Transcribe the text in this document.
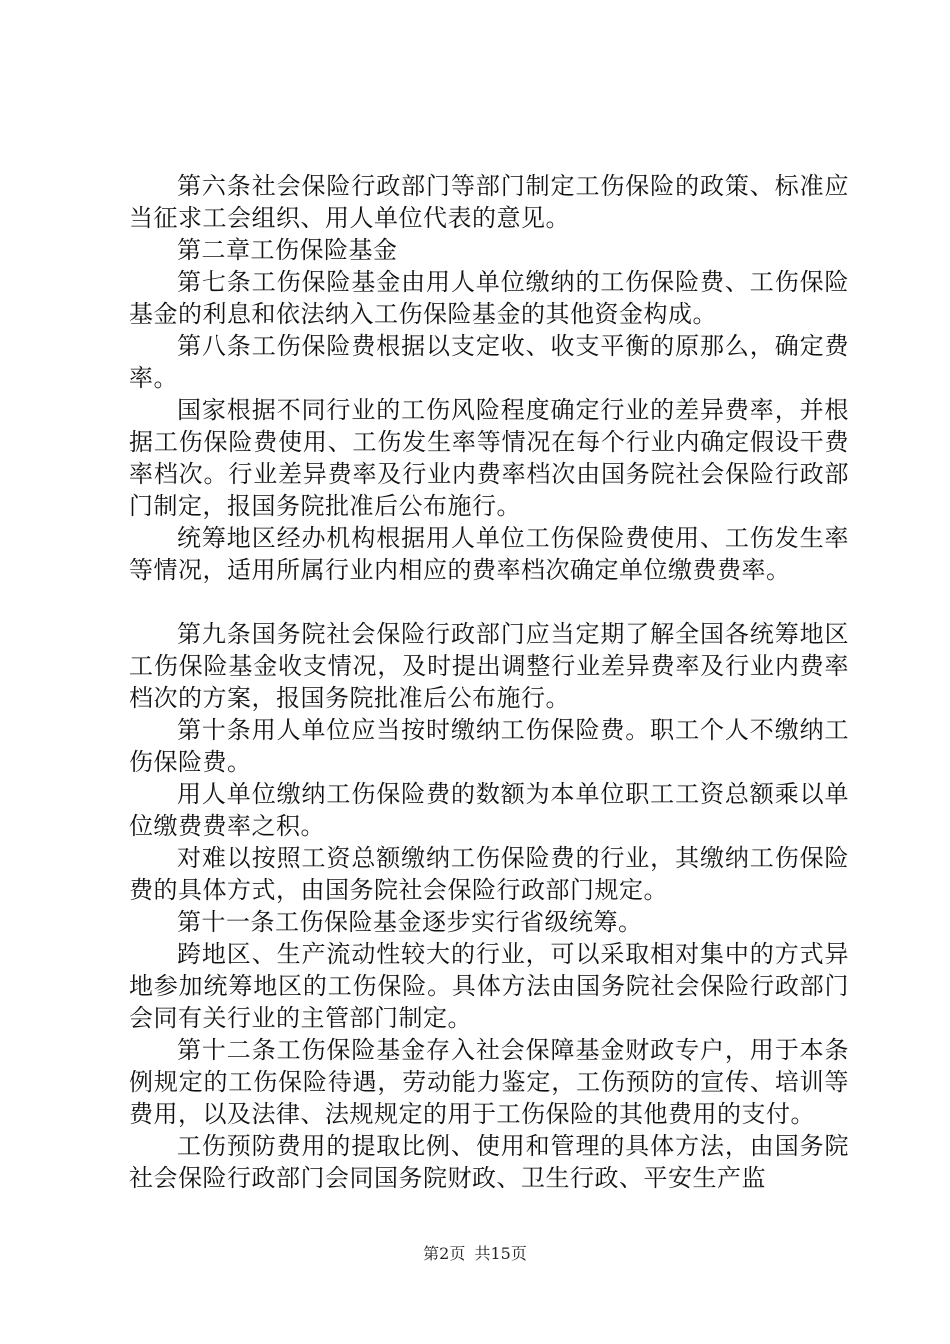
第六条社会保险行政部门等部门制定工伤保险的政策、标准应当征求工会组织、用人单位代表的意见。

第二章工伤保险基金

第七条工伤保险基金由用人单位缴纳的工伤保险费、工伤保险基金的利息和依法纳入工伤保险基金的其他资金构成。

第八条工伤保险费根据以支定收、收支平衡的原那么，确定费率。

国家根据不同行业的工伤风险程度确定行业的差异费率，并根据工伤保险费使用、工伤发生率等情况在每个行业内确定假设干费率档次。行业差异费率及行业内费率档次由国务院社会保险行政部门制定，报国务院批准后公布施行。

统筹地区经办机构根据用人单位工伤保险费使用、工伤发生率等情况，适用所属行业内相应的费率档次确定单位缴费费率。

第九条国务院社会保险行政部门应当定期了解全国各统筹地区工伤保险基金收支情况，及时提出调整行业差异费率及行业内费率档次的方案，报国务院批准后公布施行。

第十条用人单位应当按时缴纳工伤保险费。职工个人不缴纳工伤保险费。

用人单位缴纳工伤保险费的数额为本单位职工工资总额乘以单位缴费费率之积。

对难以按照工资总额缴纳工伤保险费的行业，其缴纳工伤保险费的具体方式，由国务院社会保险行政部门规定。

第十一条工伤保险基金逐步实行省级统筹。

跨地区、生产流动性较大的行业，可以采取相对集中的方式异地参加统筹地区的工伤保险。具体方法由国务院社会保险行政部门会同有关行业的主管部门制定。

第十二条工伤保险基金存入社会保障基金财政专户，用于本条例规定的工伤保险待遇，劳动能力鉴定，工伤预防的宣传、培训等费用，以及法律、法规规定的用于工伤保险的其他费用的支付。

工伤预防费用的提取比例、使用和管理的具体方法，由国务院社会保险行政部门会同国务院财政、卫生行政、平安生产监

第2页 共15页
